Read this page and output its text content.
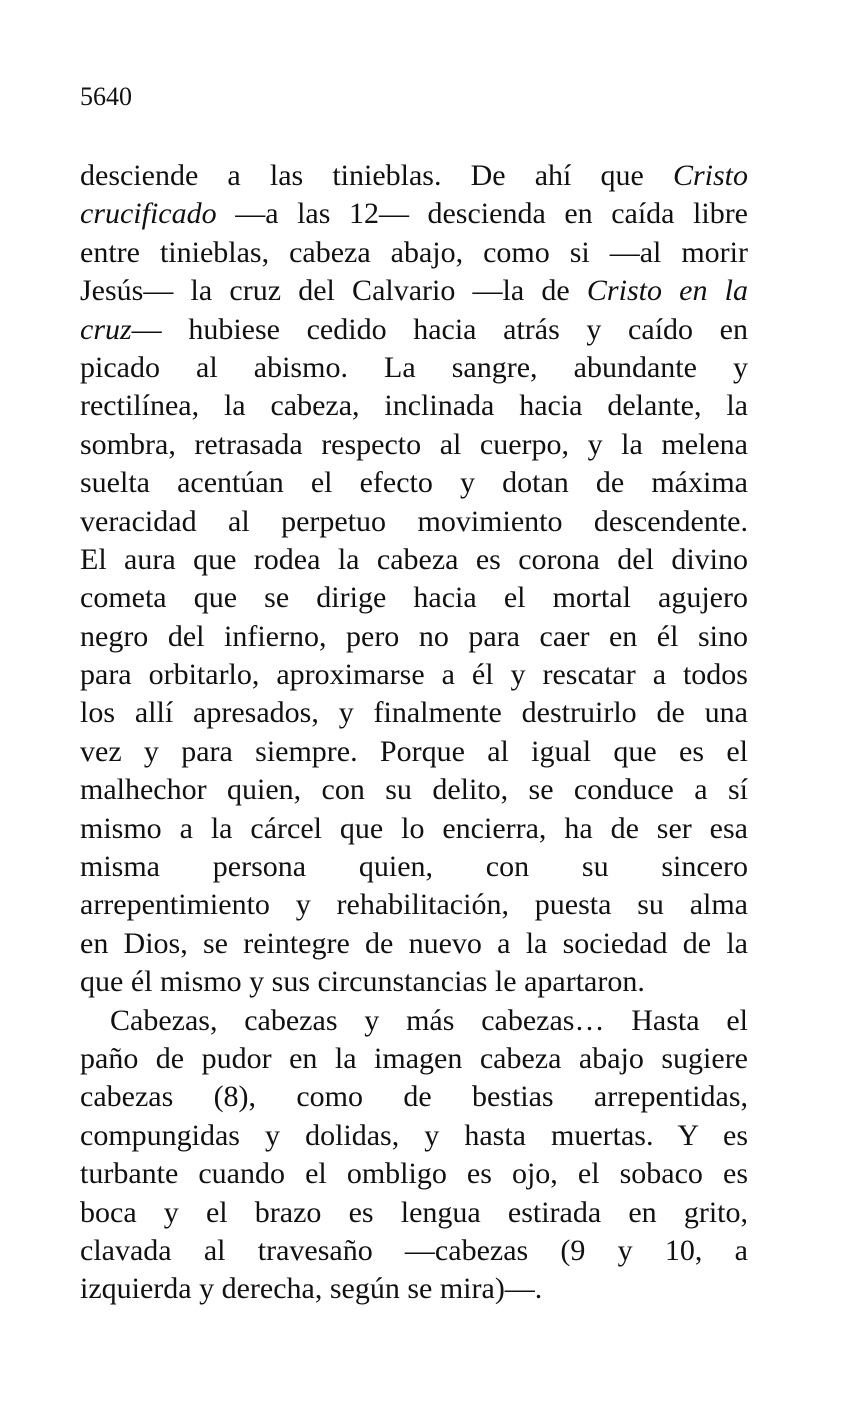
5640
desciende a las tinieblas. De ahí que Cristo
crucificado —a las 12— descienda en caída libre
entre tinieblas, cabeza abajo, como si —al morir
Jesús— la cruz del Calvario —la de Cristo en la
cruz— hubiese cedido hacia atrás y caído en
picado al abismo. La sangre, abundante y
rectilínea, la cabeza, inclinada hacia delante, la
sombra, retrasada respecto al cuerpo, y la melena
suelta acentúan el efecto y dotan de máxima
veracidad al perpetuo movimiento descendente.
El aura que rodea la cabeza es corona del divino
cometa que se dirige hacia el mortal agujero
negro del infierno, pero no para caer en él sino
para orbitarlo, aproximarse a él y rescatar a todos
los allí apresados, y finalmente destruirlo de una
vez y para siempre. Porque al igual que es el
malhechor quien, con su delito, se conduce a sí
mismo a la cárcel que lo encierra, ha de ser esa
misma persona quien, con su sincero
arrepentimiento y rehabilitación, puesta su alma
en Dios, se reintegre de nuevo a la sociedad de la
que él mismo y sus circunstancias le apartaron.
Cabezas, cabezas y más cabezas… Hasta el
paño de pudor en la imagen cabeza abajo sugiere
cabezas (8), como de bestias arrepentidas,
compungidas y dolidas, y hasta muertas. Y es
turbante cuando el ombligo es ojo, el sobaco es
boca y el brazo es lengua estirada en grito,
clavada al travesaño —cabezas (9 y 10, a
izquierda y derecha, según se mira)—.
